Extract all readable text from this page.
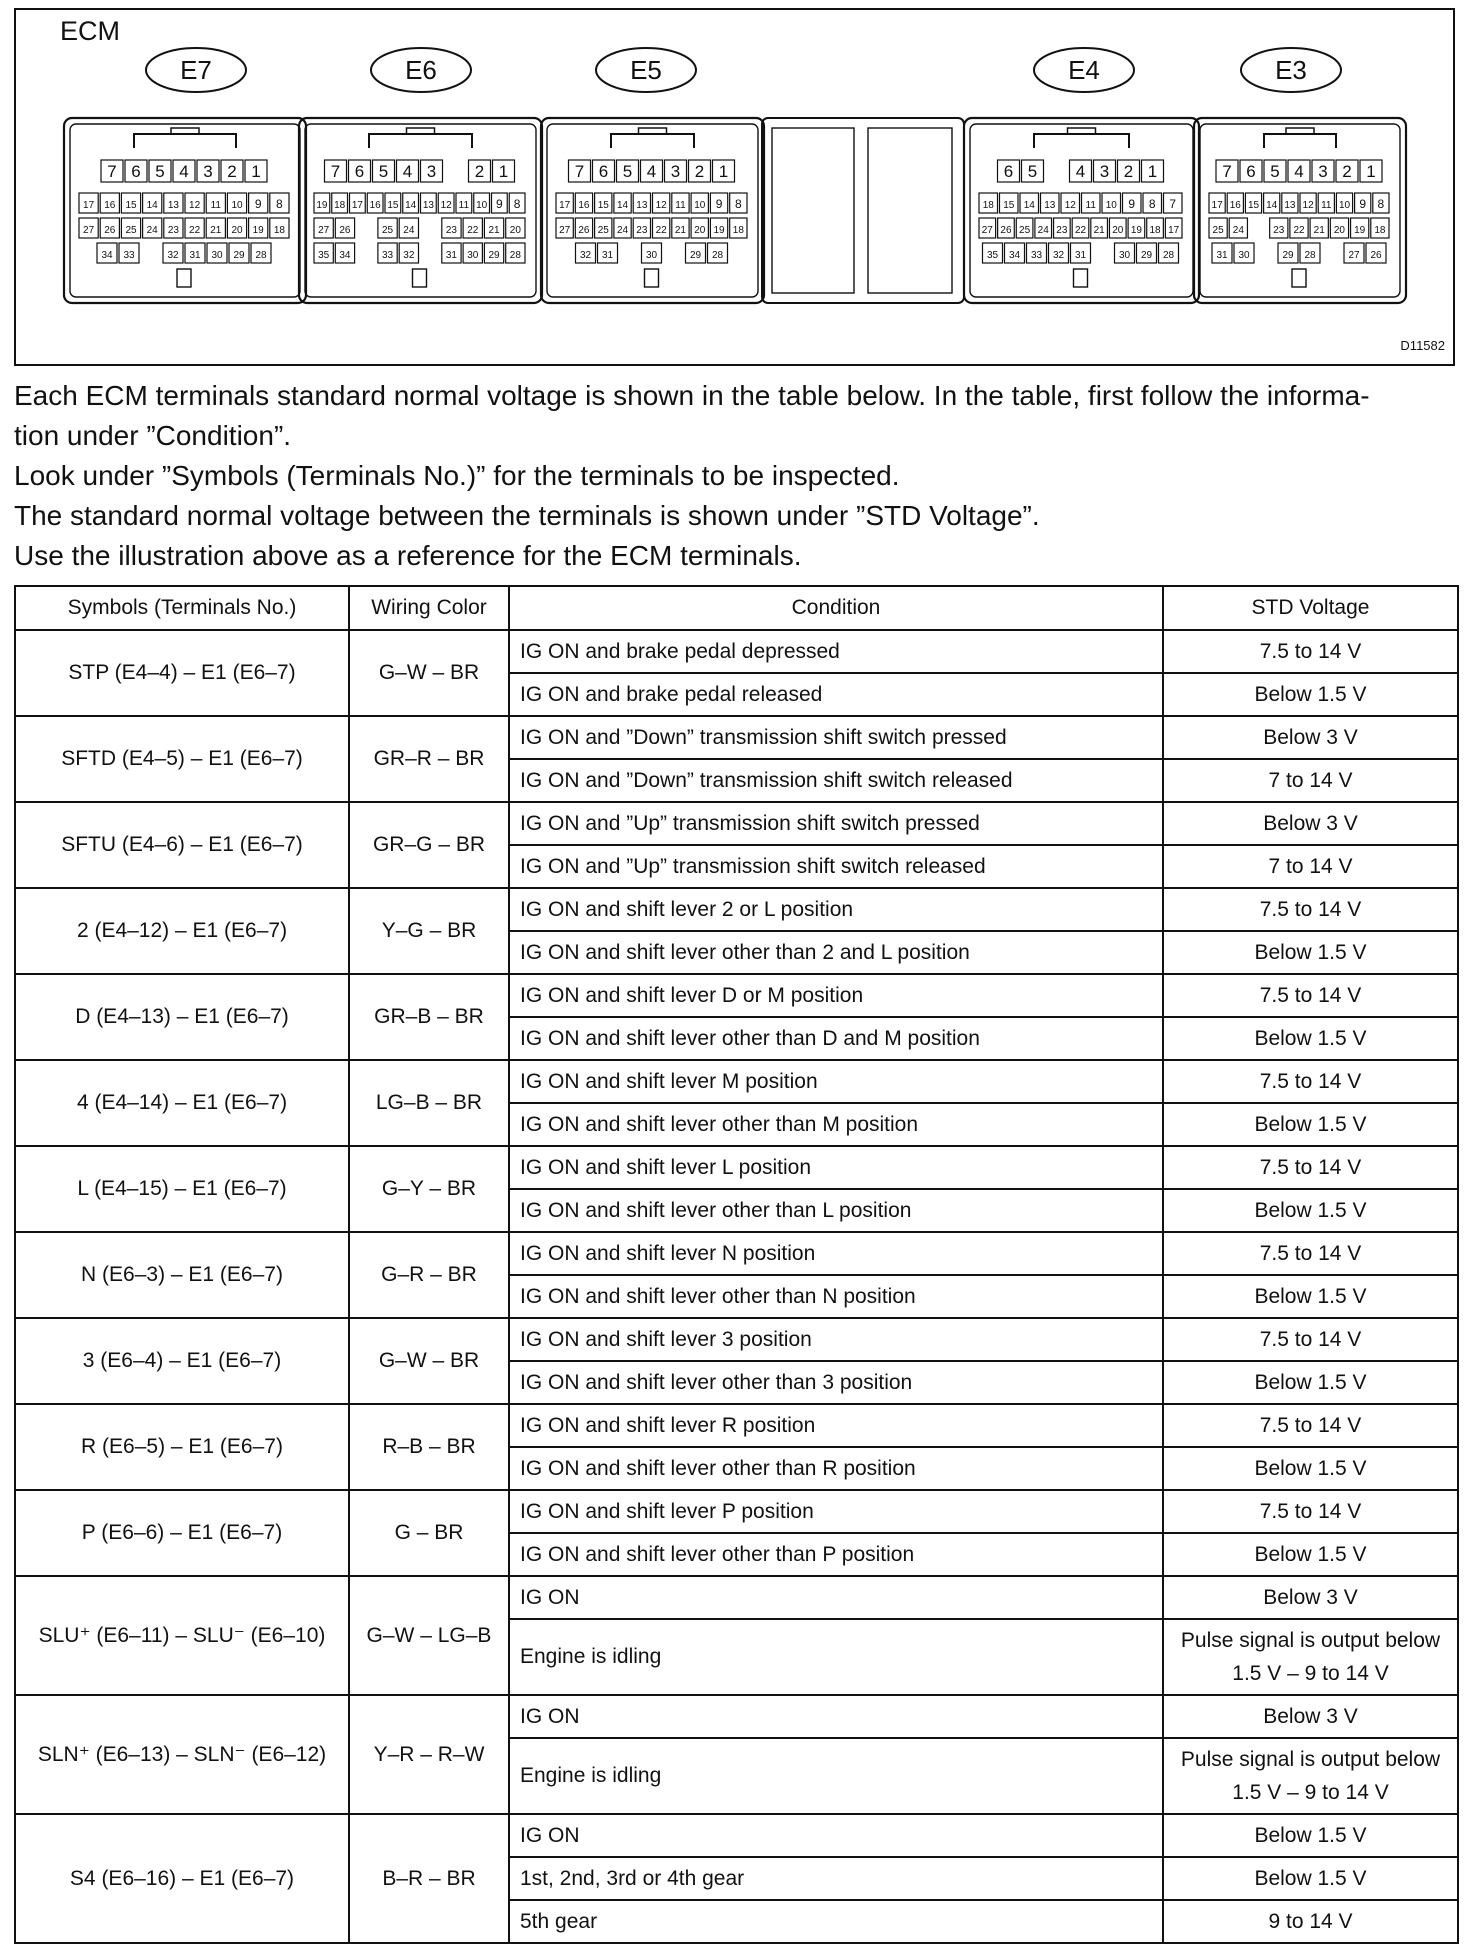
ECM
E7
7 6 5 4 3 2 1
17 16 15 14 13 12 11 10 9 8
27 26 25 24 23 22 21 20 19 18
34 33	32 31 30 29 28
E6
7 6 5 4 3 2 1
19 18 17 16 15 14 13 12 11 10 9 8
27 26	25 24	23 22 21 20
35 34	33 32	31 30 29 28
E5
7 6 5 4 3 2 1
17 16 15 14 13 12 11 10 9 8
27 26 25 24 23 22 21 20 19 18
32 31	30	29 28
E4
6 5 4 3 2 1
18 15 14 13 12 11 10 9 8 7
27 26 25 24 23 22 21 20 19 18 17
35 34 33 32 31	30 29 28
E3
7 6 5 4 3 2 1
17 16 15 14 13 12 11 10 9 8
25 24	23 22 21 20 19 18
31 30	29 28	27 26
D11582

Each ECM terminals standard normal voltage is shown in the table below. In the table, first follow the informa-

tion under ”Condition”.

Look under ”Symbols (Terminals No.)” for the terminals to be inspected.

The standard normal voltage between the terminals is shown under ”STD Voltage”.

Use the illustration above as a reference for the ECM terminals.

Symbols (Terminals No.)	Wiring Color	Condition	STD Voltage
STP (E4–4) – E1 (E6–7)	G–W – BR	IG ON and brake pedal depressed	7.5 to 14 V
		IG ON and brake pedal released	Below 1.5 V
SFTD (E4–5) – E1 (E6–7)	GR–R – BR	IG ON and ”Down” transmission shift switch pressed	Below 3 V
		IG ON and ”Down” transmission shift switch released	7 to 14 V
SFTU (E4–6) – E1 (E6–7)	GR–G – BR	IG ON and ”Up” transmission shift switch pressed	Below 3 V
		IG ON and ”Up” transmission shift switch released	7 to 14 V
2 (E4–12) – E1 (E6–7)	Y–G – BR	IG ON and shift lever 2 or L position	7.5 to 14 V
		IG ON and shift lever other than 2 and L position	Below 1.5 V
D (E4–13) – E1 (E6–7)	GR–B – BR	IG ON and shift lever D or M position	7.5 to 14 V
		IG ON and shift lever other than D and M position	Below 1.5 V
4 (E4–14) – E1 (E6–7)	LG–B – BR	IG ON and shift lever M position	7.5 to 14 V
		IG ON and shift lever other than M position	Below 1.5 V
L (E4–15) – E1 (E6–7)	G–Y – BR	IG ON and shift lever L position	7.5 to 14 V
		IG ON and shift lever other than L position	Below 1.5 V
N (E6–3) – E1 (E6–7)	G–R – BR	IG ON and shift lever N position	7.5 to 14 V
		IG ON and shift lever other than N position	Below 1.5 V
3 (E6–4) – E1 (E6–7)	G–W – BR	IG ON and shift lever 3 position	7.5 to 14 V
		IG ON and shift lever other than 3 position	Below 1.5 V
R (E6–5) – E1 (E6–7)	R–B – BR	IG ON and shift lever R position	7.5 to 14 V
		IG ON and shift lever other than R position	Below 1.5 V
P (E6–6) – E1 (E6–7)	G – BR	IG ON and shift lever P position	7.5 to 14 V
		IG ON and shift lever other than P position	Below 1.5 V
SLU⁺ (E6–11) – SLU⁻ (E6–10)	G–W – LG–B	IG ON	Below 3 V
		Engine is idling	Pulse signal is output below 1.5 V – 9 to 14 V
SLN⁺ (E6–13) – SLN⁻ (E6–12)	Y–R – R–W	IG ON	Below 3 V
		Engine is idling	Pulse signal is output below 1.5 V – 9 to 14 V
S4 (E6–16) – E1 (E6–7)	B–R – BR	IG ON	Below 1.5 V
		1st, 2nd, 3rd or 4th gear	Below 1.5 V
		5th gear	9 to 14 V
